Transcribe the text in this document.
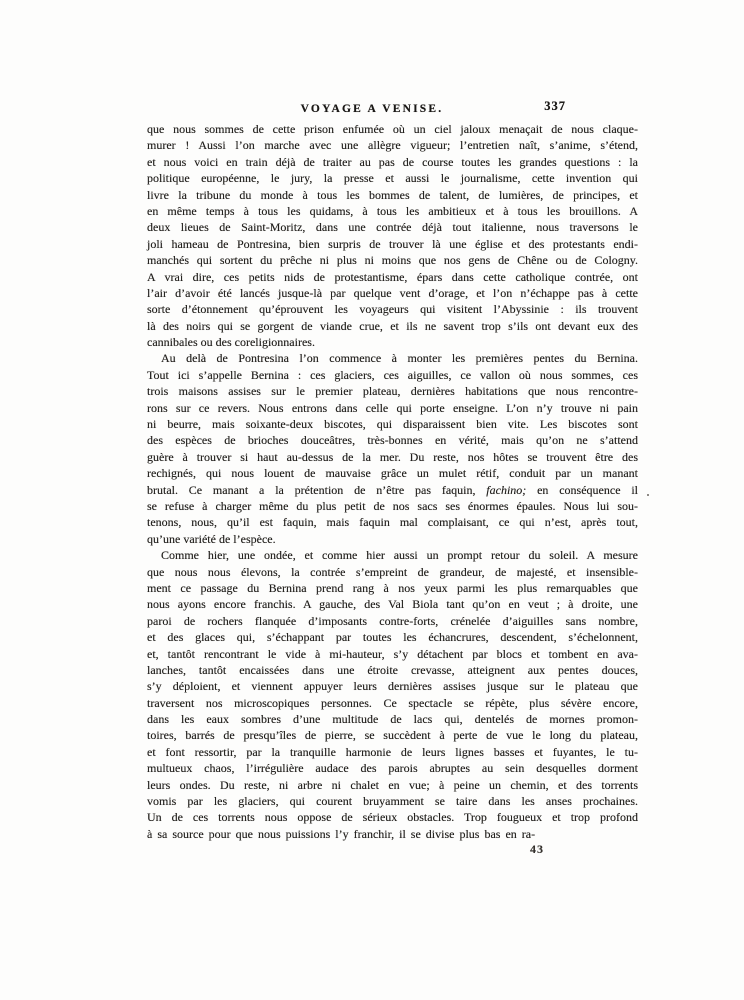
VOYAGE A VENISE.	337
que nous sommes de cette prison enfumée où un ciel jaloux menaçait de nous claque-
murer ! Aussi l’on marche avec une allègre vigueur; l’entretien naît, s’anime, s’étend,
et nous voici en train déjà de traiter au pas de course toutes les grandes questions : la
politique européenne, le jury, la presse et aussi le journalisme, cette invention qui
livre la tribune du monde à tous les bommes de talent, de lumières, de principes, et
en même temps à tous les quidams, à tous les ambitieux et à tous les brouillons. A
deux lieues de Saint-Moritz, dans une contrée déjà tout italienne, nous traversons le
joli hameau de Pontresina, bien surpris de trouver là une église et des protestants endi-
manchés qui sortent du prêche ni plus ni moins que nos gens de Chêne ou de Cologny.
A vrai dire, ces petits nids de protestantisme, épars dans cette catholique contrée, ont
l’air d’avoir été lancés jusque-là par quelque vent d’orage, et l’on n’échappe pas à cette
sorte d’étonnement qu’éprouvent les voyageurs qui visitent l’Abyssinie : ils trouvent
là des noirs qui se gorgent de viande crue, et ils ne savent trop s’ils ont devant eux des
cannibales ou des coreligionnaires.
Au delà de Pontresina l’on commence à monter les premières pentes du Bernina.
Tout ici s’appelle Bernina : ces glaciers, ces aiguilles, ce vallon où nous sommes, ces
trois maisons assises sur le premier plateau, dernières habitations que nous rencontre-
rons sur ce revers. Nous entrons dans celle qui porte enseigne. L’on n’y trouve ni pain
ni beurre, mais soixante-deux biscotes, qui disparaissent bien vite. Les biscotes sont
des espèces de brioches douceâtres, très-bonnes en vérité, mais qu’on ne s’attend
guère à trouver si haut au-dessus de la mer. Du reste, nos hôtes se trouvent être des
rechignés, qui nous louent de mauvaise grâce un mulet rétif, conduit par un manant
brutal. Ce manant a la prétention de n’être pas faquin, fachino; en conséquence il
se refuse à charger même du plus petit de nos sacs ses énormes épaules. Nous lui sou-
tenons, nous, qu’il est faquin, mais faquin mal complaisant, ce qui n’est, après tout,
qu’une variété de l’espèce.
Comme hier, une ondée, et comme hier aussi un prompt retour du soleil. A mesure
que nous nous élevons, la contrée s’empreint de grandeur, de majesté, et insensible-
ment ce passage du Bernina prend rang à nos yeux parmi les plus remarquables que
nous ayons encore franchis. A gauche, des Val Biola tant qu’on en veut ; à droite, une
paroi de rochers flanquée d’imposants contre-forts, crénelée d’aiguilles sans nombre,
et des glaces qui, s’échappant par toutes les échancrures, descendent, s’échelonnent,
et, tantôt rencontrant le vide à mi-hauteur, s’y détachent par blocs et tombent en ava-
lanches, tantôt encaissées dans une étroite crevasse, atteignent aux pentes douces,
s’y déploient, et viennent appuyer leurs dernières assises jusque sur le plateau que
traversent nos microscopiques personnes. Ce spectacle se répète, plus sévère encore,
dans les eaux sombres d’une multitude de lacs qui, dentelés de mornes promon-
toires, barrés de presqu’îles de pierre, se succèdent à perte de vue le long du plateau,
et font ressortir, par la tranquille harmonie de leurs lignes basses et fuyantes, le tu-
multueux chaos, l’irrégulière audace des parois abruptes au sein desquelles dorment
leurs ondes. Du reste, ni arbre ni chalet en vue; à peine un chemin, et des torrents
vomis par les glaciers, qui courent bruyamment se taire dans les anses prochaines.
Un de ces torrents nous oppose de sérieux obstacles. Trop fougueux et trop profond
à sa source pour que nous puissions l’y franchir, il se divise plus bas en ra-
43
